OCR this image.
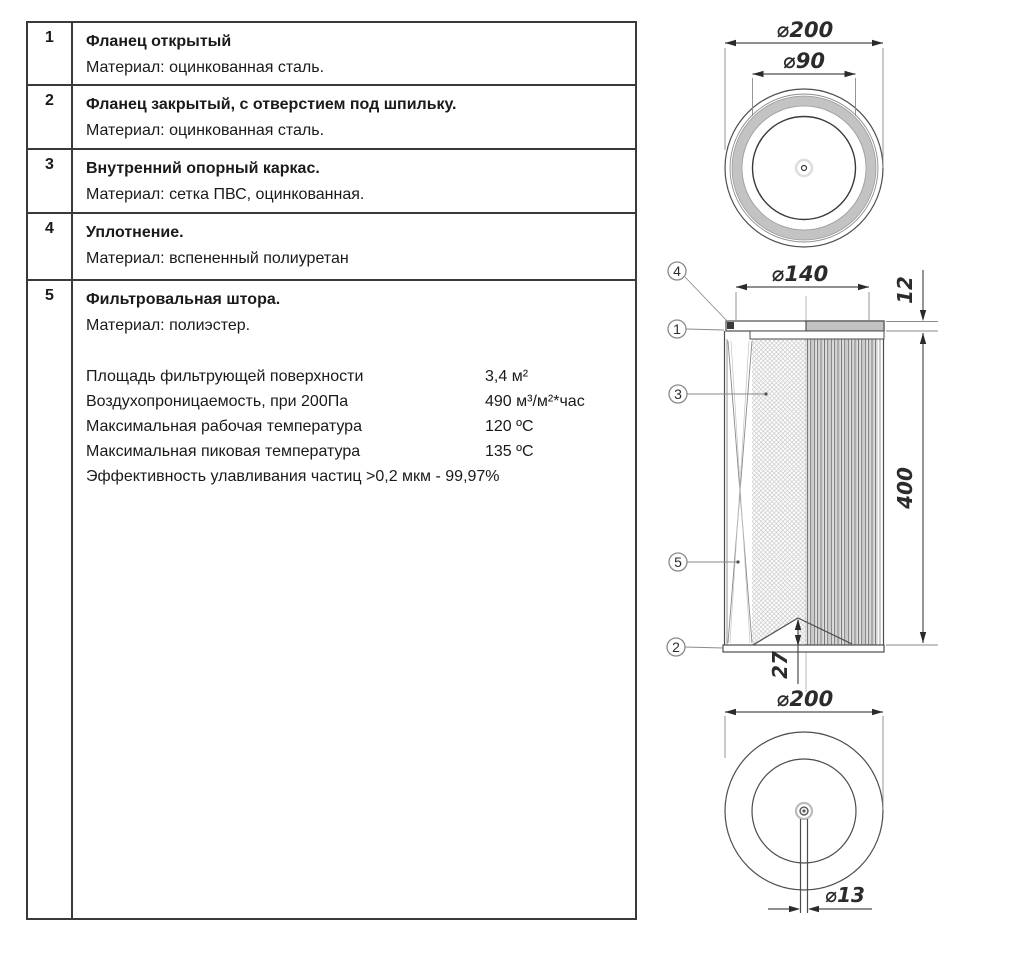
1	Фланец открытый
Материал: оцинкованная сталь.
2	Фланец закрытый, с отверстием под шпильку.
Материал: оцинкованная сталь.
3	Внутренний опорный каркас.
Материал: сетка ПВС, оцинкованная.
4	Уплотнение.
Материал: вспененный полиуретан
5	Фильтровальная штора.
Материал: полиэстер.
Площадь фильтрующей поверхности	3,4 м²
Воздухопроницаемость, при 200Па	490 м³/м²*час
Максимальная рабочая температура	120 ºС
Максимальная пиковая температура	135 ºС
Эффективность улавливания частиц >0,2 мкм - 99,97%
⌀200
⌀90
⌀140
12
400
27
4
1
3
5
2
⌀200
⌀13
